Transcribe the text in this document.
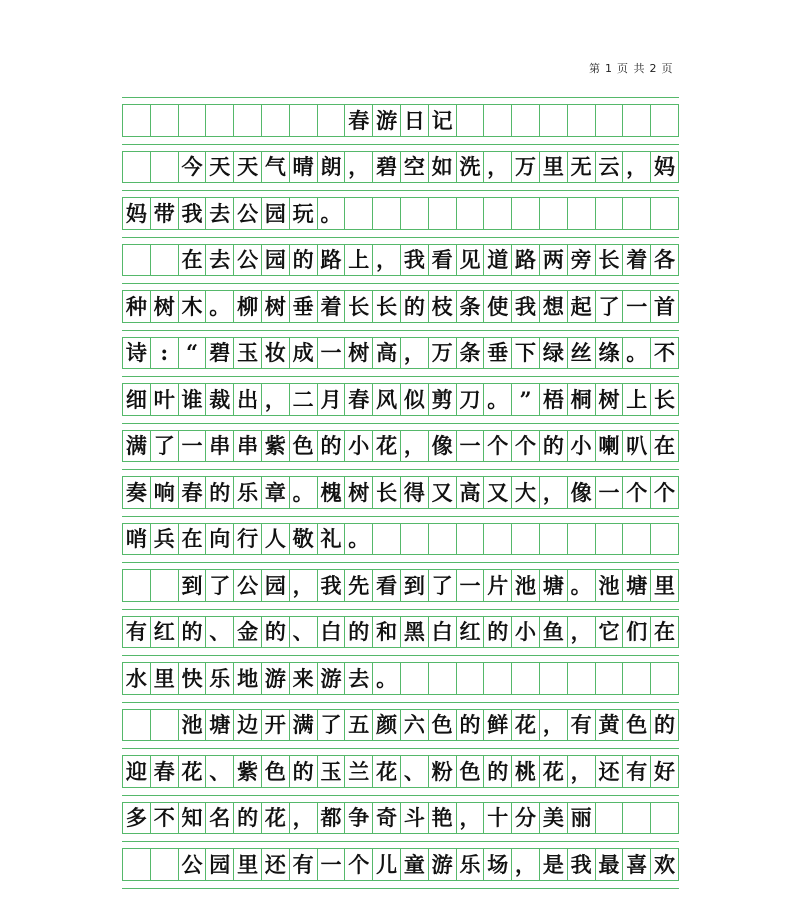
第 1 页 共 2 页
春 游 日 记

今 天 天 气 晴 朗 ， 碧 空 如 洗 ， 万 里 无 云 ， 妈
妈 带 我 去 公 园 玩 。

在 去 公 园 的 路 上 ， 我 看 见 道 路 两 旁 长 着 各
种 树 木 。 柳 树 垂 着 长 长 的 枝 条 使 我 想 起 了 一 首
诗 : “ 碧 玉 妆 成 一 树 高 ， 万 条 垂 下 绿 丝 绦 。 不
细 叶 谁 裁 出 ， 二 月 春 风 似 剪 刀 。 ” 梧 桐 树 上 长
满 了 一 串 串 紫 色 的 小 花 ， 像 一 个 个 的 小 喇 叭 在
奏 响 春 的 乐 章 。 槐 树 长 得 又 高 又 大 ， 像 一 个 个
哨 兵 在 向 行 人 敬 礼 。

到 了 公 园 ， 我 先 看 到 了 一 片 池 塘 。 池 塘 里
有 红 的 、 金 的 、 白 的 和 黑 白 红 的 小 鱼 ， 它 们 在
水 里 快 乐 地 游 来 游 去 。

池 塘 边 开 满 了 五 颜 六 色 的 鲜 花 ， 有 黄 色 的
迎 春 花 、 紫 色 的 玉 兰 花 、 粉 色 的 桃 花 ， 还 有 好
多 不 知 名 的 花 ， 都 争 奇 斗 艳 ， 十 分 美 丽

公 园 里 还 有 一 个 儿 童 游 乐 场 ， 是 我 最 喜 欢
